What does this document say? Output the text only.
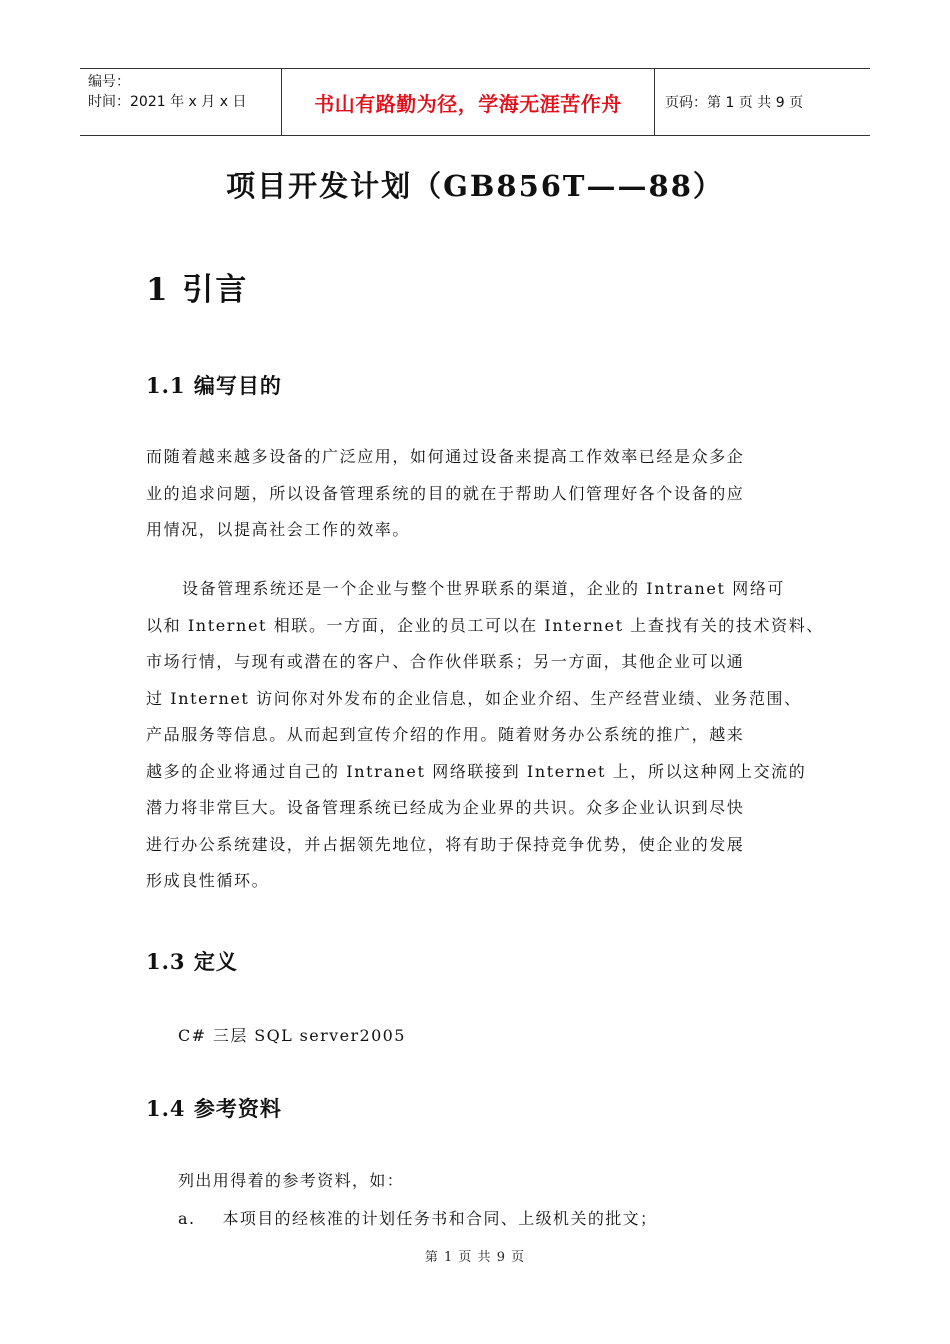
编号：
时间：2021 年 x 月 x 日	书山有路勤为径，学海无涯苦作舟	页码：第 1 页 共 9 页
项目开发计划（GB856T——88）
1 引言
1.1 编写目的
而随着越来越多设备的广泛应用，如何通过设备来提高工作效率已经是众多企
业的追求问题，所以设备管理系统的目的就在于帮助人们管理好各个设备的应
用情况，以提高社会工作的效率。
设备管理系统还是一个企业与整个世界联系的渠道，企业的 Intranet 网络可
以和 Internet 相联。一方面，企业的员工可以在 Internet 上查找有关的技术资料、
市场行情，与现有或潜在的客户、合作伙伴联系；另一方面，其他企业可以通
过 Internet 访问你对外发布的企业信息，如企业介绍、生产经营业绩、业务范围、
产品服务等信息。从而起到宣传介绍的作用。随着财务办公系统的推广，越来
越多的企业将通过自己的 Intranet 网络联接到 Internet 上，所以这种网上交流的
潜力将非常巨大。设备管理系统已经成为企业界的共识。众多企业认识到尽快
进行办公系统建设，并占据领先地位，将有助于保持竞争优势，使企业的发展
形成良性循环。
1.3 定义
C# 三层 SQL server2005
1.4 参考资料
列出用得着的参考资料，如：
a. 本项目的经核准的计划任务书和合同、上级机关的批文；
第 1 页 共 9 页
